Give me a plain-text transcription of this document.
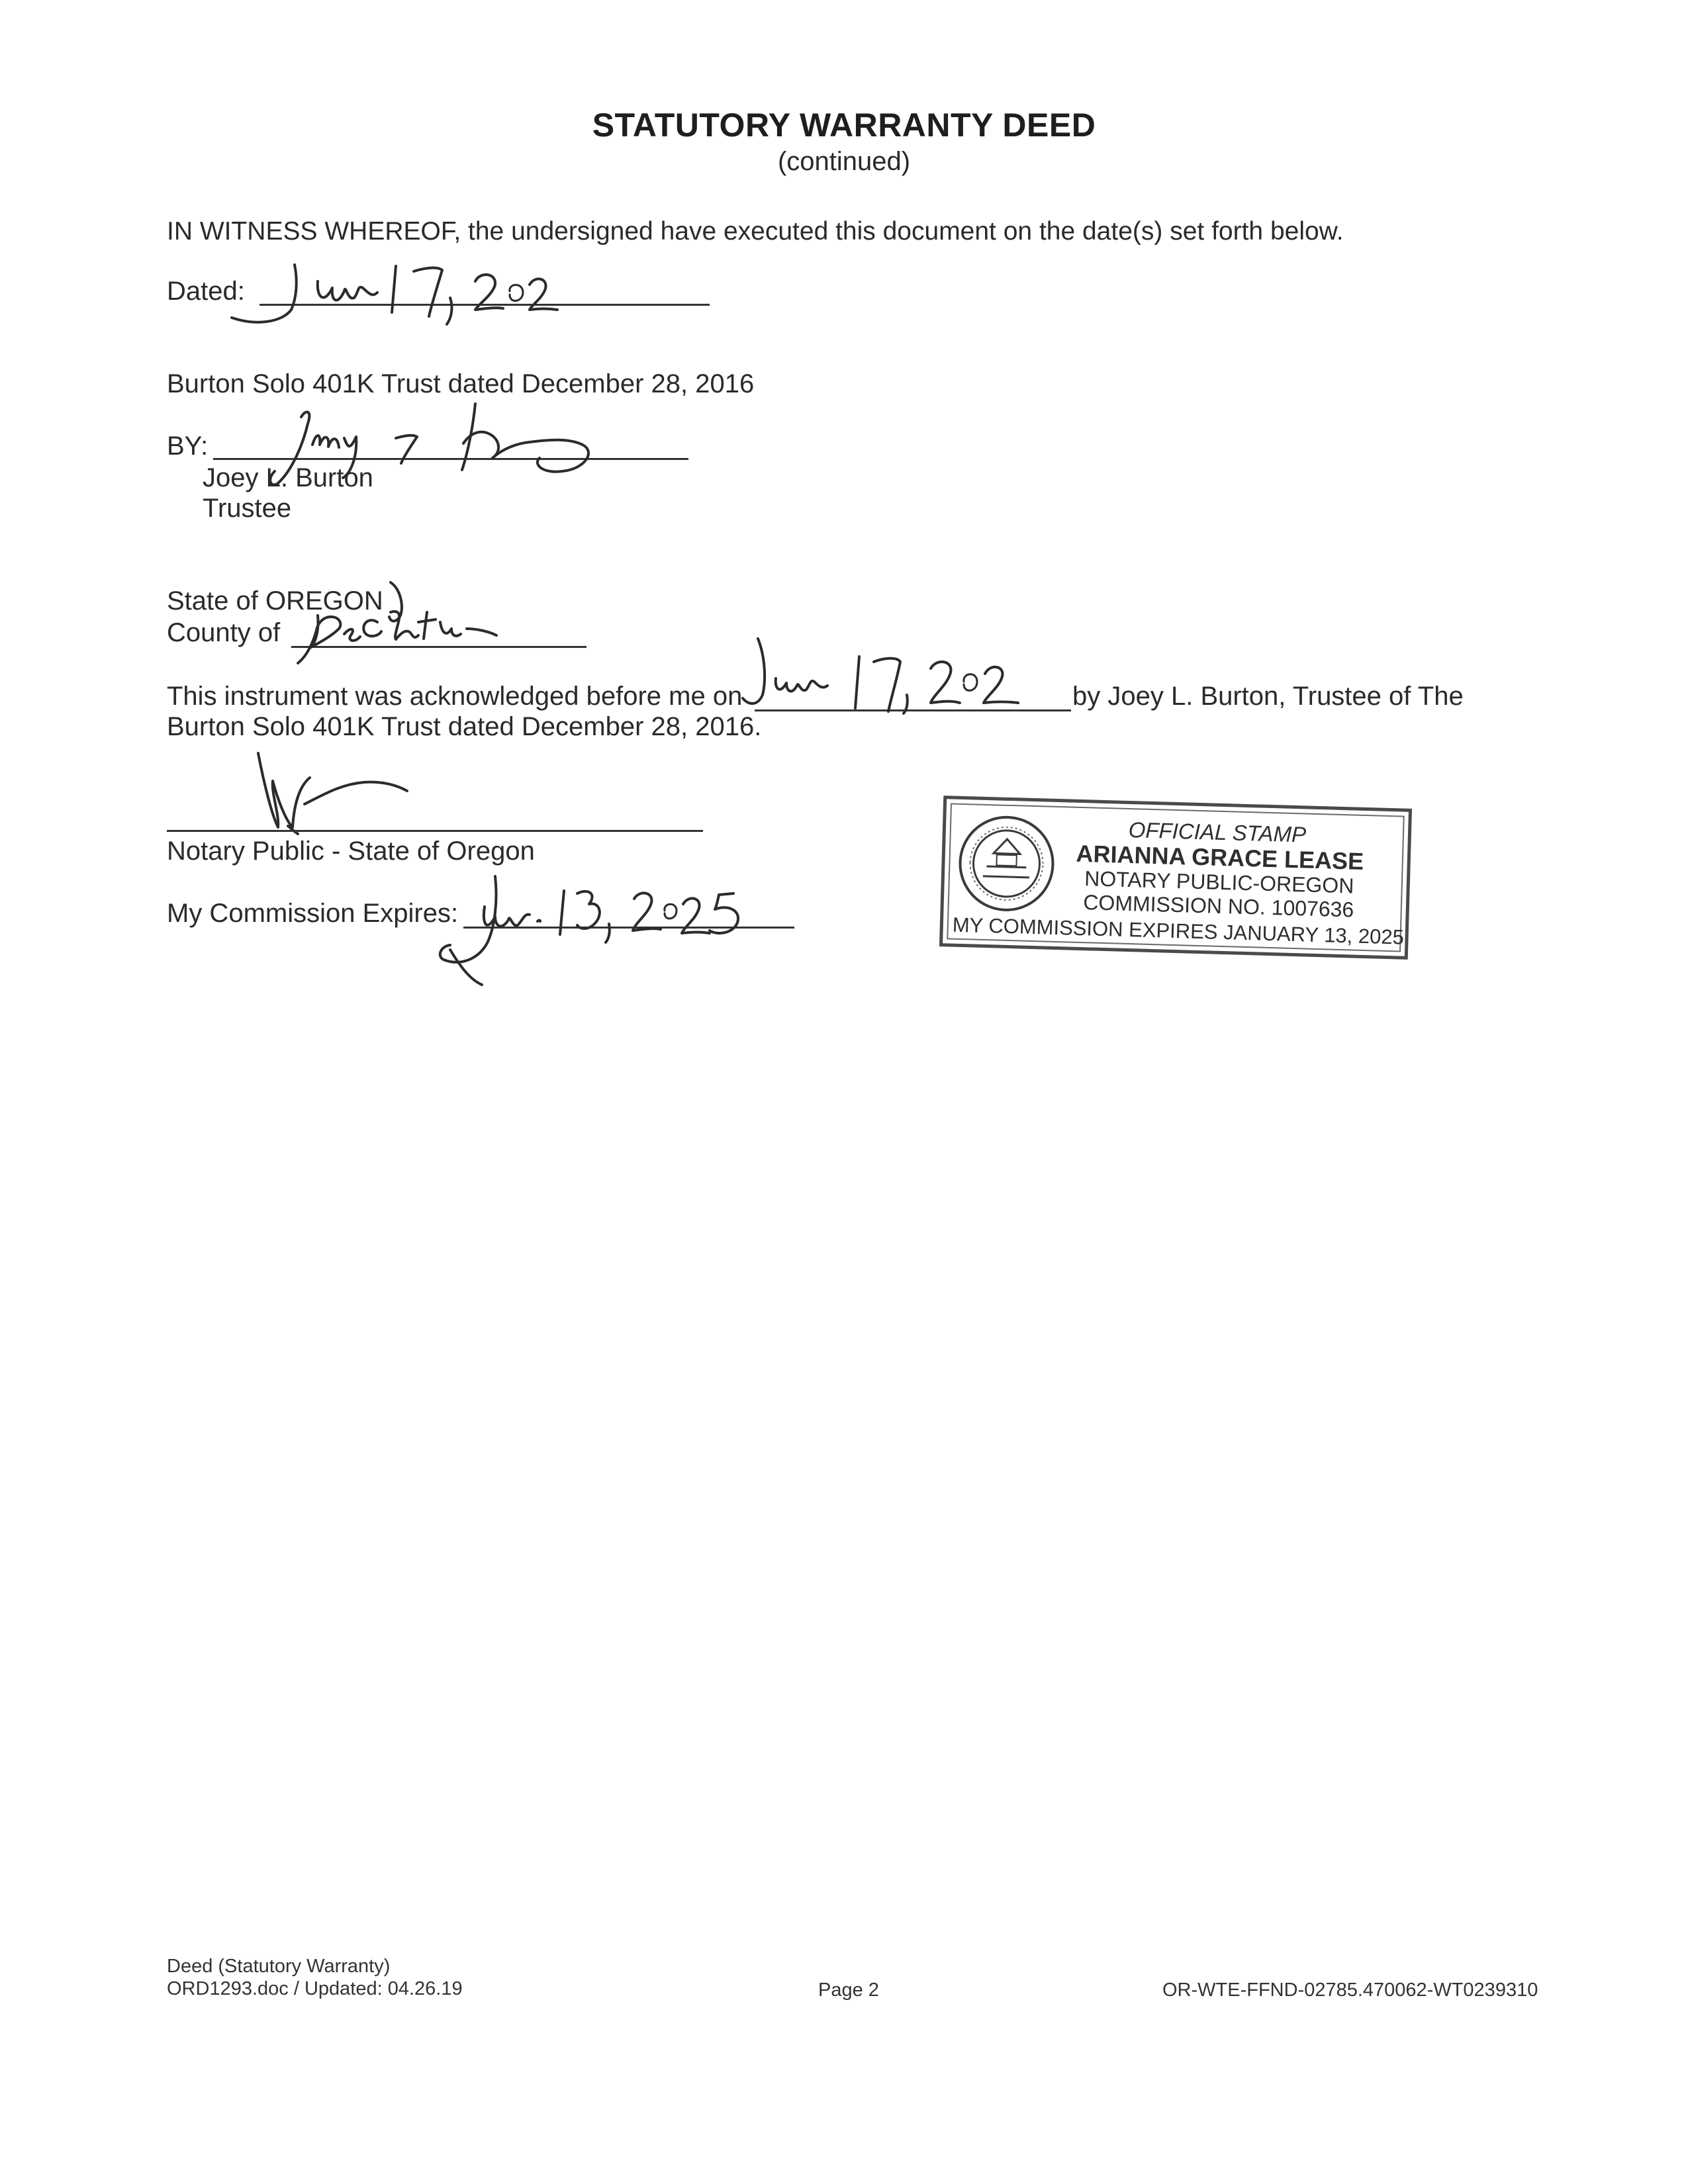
STATUTORY WARRANTY DEED
(continued)
IN WITNESS WHEREOF, the undersigned have executed this document on the date(s) set forth below.
Dated:
Burton Solo 401K Trust dated December 28, 2016
BY:
Joey L. Burton
Trustee
State of OREGON
County of
This instrument was acknowledged before me on	by Joey L. Burton, Trustee of The
Burton Solo 401K Trust dated December 28, 2016.
Notary Public - State of Oregon
My Commission Expires:
OFFICIAL STAMP
ARIANNA GRACE LEASE
NOTARY PUBLIC-OREGON
COMMISSION NO. 1007636
MY COMMISSION EXPIRES JANUARY 13, 2025
Deed (Statutory Warranty)
ORD1293.doc / Updated: 04.26.19	Page 2	OR-WTE-FFND-02785.470062-WT0239310
